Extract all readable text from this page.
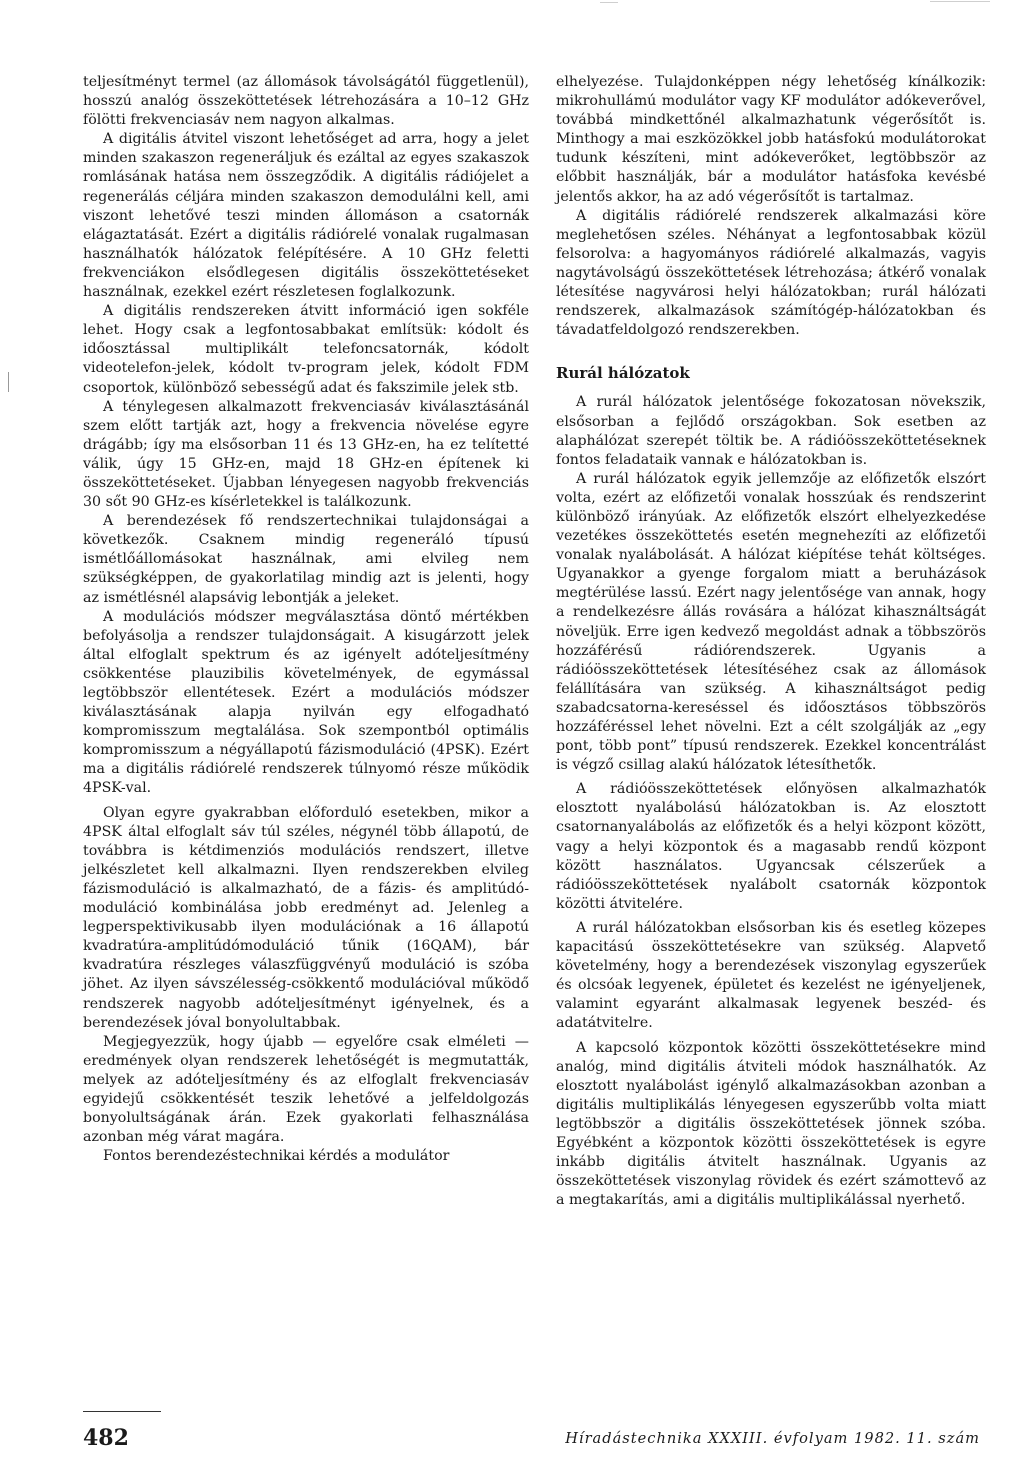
teljesítményt termel (az állomások távolságától függetlenül), hosszú analóg összeköttetések létrehozására a 10–12 GHz fölötti frekvenciasáv nem nagyon alkalmas.

A digitális átvitel viszont lehetőséget ad arra, hogy a jelet minden szakaszon regeneráljuk és ezáltal az egyes szakaszok romlásának hatása nem összegződik. A digitális rádiójelet a regenerálás céljára minden szakaszon demodulálni kell, ami viszont lehetővé teszi minden állomáson a csatornák elágaztatását. Ezért a digitális rádiórelé vonalak rugalmasan használhatók hálózatok felépítésére. A 10 GHz feletti frekvenciákon elsődlegesen digitális összeköttetéseket használnak, ezekkel ezért részletesen foglalkozunk.

A digitális rendszereken átvitt információ igen sokféle lehet. Hogy csak a legfontosabbakat említsük: kódolt és időosztással multiplikált telefoncsatornák, kódolt videotelefon-jelek, kódolt tv-program jelek, kódolt FDM csoportok, különböző sebességű adat és fakszimile jelek stb.

A ténylegesen alkalmazott frekvenciasáv kiválasztásánál szem előtt tartják azt, hogy a frekvencia növelése egyre drágább; így ma elsősorban 11 és 13 GHz-en, ha ez telítetté válik, úgy 15 GHz-en, majd 18 GHz-en építenek ki összeköttetéseket. Újabban lényegesen nagyobb frekvenciás 30 sőt 90 GHz-es kísérletekkel is találkozunk.

A berendezések fő rendszertechnikai tulajdonságai a következők. Csaknem mindig regeneráló típusú ismétlőállomásokat használnak, ami elvileg nem szükségképpen, de gyakorlatilag mindig azt is jelenti, hogy az ismétlésnél alapsávig lebontják a jeleket.

A modulációs módszer megválasztása döntő mértékben befolyásolja a rendszer tulajdonságait. A kisugárzott jelek által elfoglalt spektrum és az igényelt adóteljesítmény csökkentése plauzibilis követelmények, de egymással legtöbbször ellentétesek. Ezért a modulációs módszer kiválasztásának alapja nyilván egy elfogadható kompromisszum megtalálása. Sok szempontból optimális kompromisszum a négyállapotú fázismoduláció (4PSK). Ezért ma a digitális rádiórelé rendszerek túlnyomó része működik 4PSK-val.

Olyan egyre gyakrabban előforduló esetekben, mikor a 4PSK által elfoglalt sáv túl széles, négynél több állapotú, de továbbra is kétdimenziós modulációs rendszert, illetve jelkészletet kell alkalmazni. Ilyen rendszerekben elvileg fázismoduláció is alkalmazható, de a fázis- és amplitúdó-moduláció kombinálása jobb eredményt ad. Jelenleg a legperspektivikusabb ilyen modulációnak a 16 állapotú kvadratúra-amplitúdómoduláció tűnik (16QAM), bár kvadratúra részleges válaszfüggvényű moduláció is szóba jöhet. Az ilyen sávszélesség-csökkentő modulációval működő rendszerek nagyobb adóteljesítményt igényelnek, és a berendezések jóval bonyolultabbak.

Megjegyezzük, hogy újabb — egyelőre csak elméleti — eredmények olyan rendszerek lehetőségét is megmutatták, melyek az adóteljesítmény és az elfoglalt frekvenciasáv egyidejű csökkentését teszik lehetővé a jelfeldolgozás bonyolultságának árán. Ezek gyakorlati felhasználása azonban még várat magára.

Fontos berendezéstechnikai kérdés a modulátor

elhelyezése. Tulajdonképpen négy lehetőség kínálkozik: mikrohullámú modulátor vagy KF modulátor adókeverővel, továbbá mindkettőnél alkalmazhatunk végerősítőt is. Minthogy a mai eszközökkel jobb hatásfokú modulátorokat tudunk készíteni, mint adókeverőket, legtöbbször az előbbit használják, bár a modulátor hatásfoka kevésbé jelentős akkor, ha az adó végerősítőt is tartalmaz.

A digitális rádiórelé rendszerek alkalmazási köre meglehetősen széles. Néhányat a legfontosabbak közül felsorolva: a hagyományos rádiórelé alkalmazás, vagyis nagytávolságú összeköttetések létrehozása; átkérő vonalak létesítése nagyvárosi helyi hálózatokban; rurál hálózati rendszerek, alkalmazások számítógép-hálózatokban és távadatfeldolgozó rendszerekben.

Rurál hálózatok

A rurál hálózatok jelentősége fokozatosan növekszik, elsősorban a fejlődő országokban. Sok esetben az alaphálózat szerepét töltik be. A rádióösszeköttetéseknek fontos feladataik vannak e hálózatokban is.

A rurál hálózatok egyik jellemzője az előfizetők elszórt volta, ezért az előfizetői vonalak hosszúak és rendszerint különböző irányúak. Az előfizetők elszórt elhelyezkedése vezetékes összeköttetés esetén megnehezíti az előfizetői vonalak nyalábolását. A hálózat kiépítése tehát költséges. Ugyanakkor a gyenge forgalom miatt a beruházások megtérülése lassú. Ezért nagy jelentősége van annak, hogy a rendelkezésre állás rovására a hálózat kihasználtságát növeljük. Erre igen kedvező megoldást adnak a többszörös hozzáférésű rádiórendszerek. Ugyanis a rádióösszeköttetések létesítéséhez csak az állomások felállítására van szükség. A kihasználtságot pedig szabadcsatorna-kereséssel és időosztásos többszörös hozzáféréssel lehet növelni. Ezt a célt szolgálják az „egy pont, több pont” típusú rendszerek. Ezekkel koncentrálást is végző csillag alakú hálózatok létesíthetők.

A rádióösszeköttetések előnyösen alkalmazhatók elosztott nyalábolású hálózatokban is. Az elosztott csatornanyalábolás az előfizetők és a helyi központ között, vagy a helyi központok és a magasabb rendű központ között használatos. Ugyancsak célszerűek a rádióösszeköttetések nyalábolt csatornák központok közötti átvitelére.

A rurál hálózatokban elsősorban kis és esetleg közepes kapacitású összeköttetésekre van szükség. Alapvető követelmény, hogy a berendezések viszonylag egyszerűek és olcsóak legyenek, épületet és kezelést ne igényeljenek, valamint egyaránt alkalmasak legyenek beszéd- és adatátvitelre.

A kapcsoló központok közötti összeköttetésekre mind analóg, mind digitális átviteli módok használhatók. Az elosztott nyalábolást igénylő alkalmazásokban azonban a digitális multiplikálás lényegesen egyszerűbb volta miatt legtöbbször a digitális összeköttetések jönnek szóba. Egyébként a központok közötti összeköttetések is egyre inkább digitális átvitelt használnak. Ugyanis az összeköttetések viszonylag rövidek és ezért számottevő az a megtakarítás, ami a digitális multiplikálással nyerhető.

482	Híradástechnika XXXIII. évfolyam 1982. 11. szám
